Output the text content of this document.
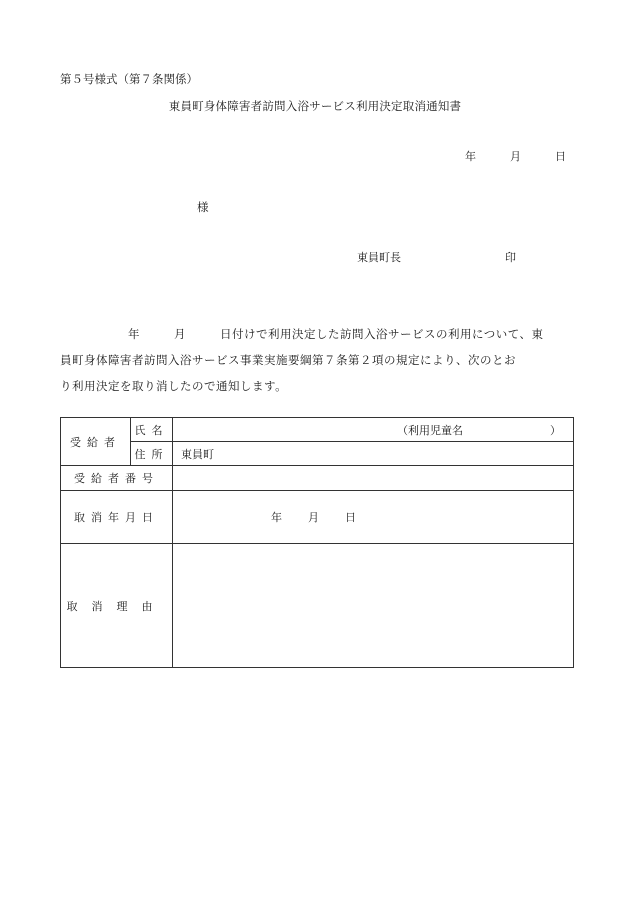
第５号様式（第７条関係）
東員町身体障害者訪問入浴サービス利用決定取消通知書
年	月	日
様
東員町長	印

年	月	日付けで利用決定した訪問入浴サービスの利用について、東

員町身体障害者訪問入浴サービス事業実施要綱第７条第２項の規定により、次のとお

り利用決定を取り消したので通知します。

受給者	氏名	（利用児童名 ）

	住所	東員町
受給者番号		
取消年月日		年 月 日
取消理由		
